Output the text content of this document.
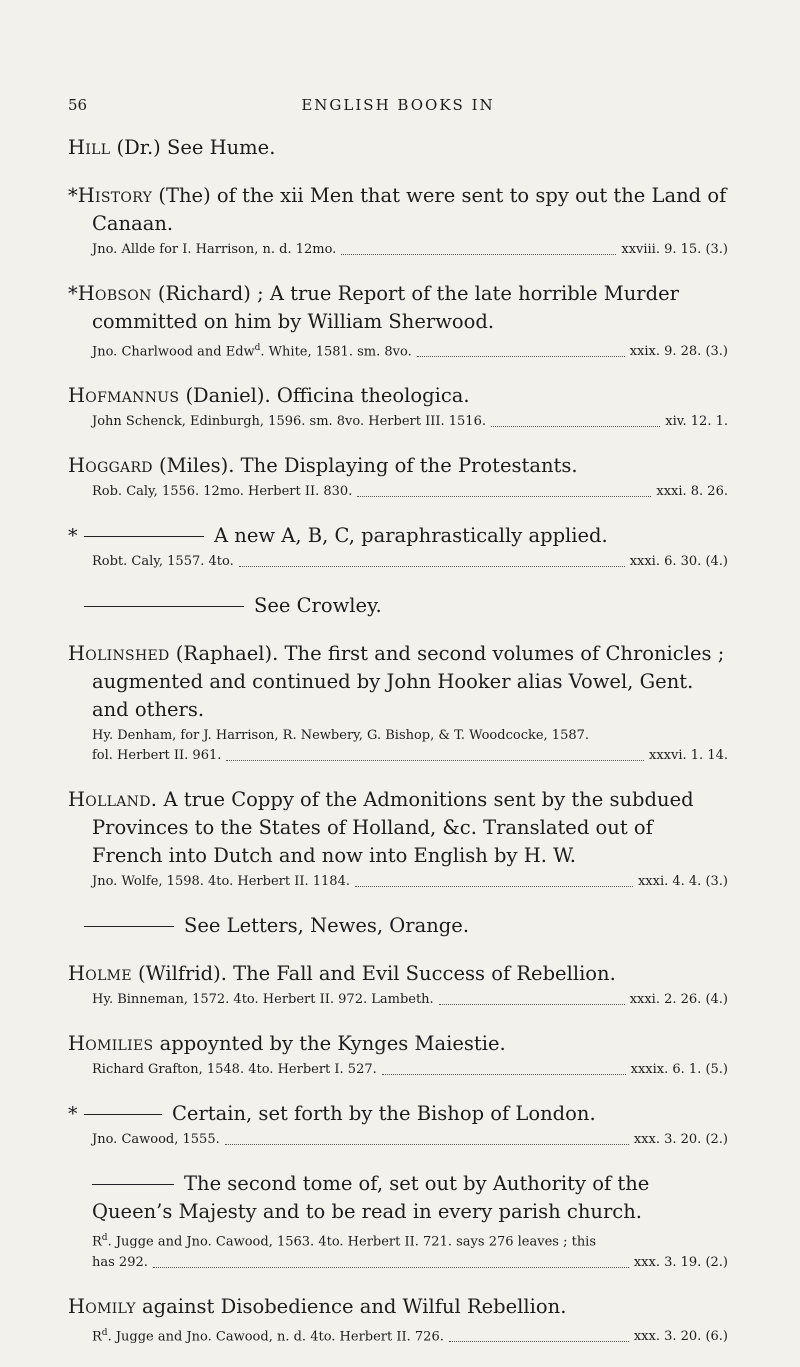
56	ENGLISH BOOKS IN

Hill (Dr.) See Hume.

*History (The) of the xii Men that were sent to spy out the Land of Canaan.

Jno. Allde for I. Harrison, n. d. 12mo.	xxviii. 9. 15. (3.)

*Hobson (Richard) ; A true Report of the late horrible Murder committed on him by William Sherwood.

Jno. Charlwood and Edw$^d$. White, 1581. sm. 8vo.	xxix. 9. 28. (3.)

Hofmannus (Daniel). Officina theologica.

John Schenck, Edinburgh, 1596. sm. 8vo. Herbert III. 1516.	xiv. 12. 1.

Hoggard (Miles). The Displaying of the Protestants.

Rob. Caly, 1556. 12mo. Herbert II. 830.	xxxi. 8. 26.
*	A new A, B, C, paraphrastically applied.
Robt. Caly, 1557. 4to.	xxxi. 6. 30. (4.)
See Crowley.

Holinshed (Raphael). The first and second volumes of Chronicles ; augmented and continued by John Hooker alias Vowel, Gent. and others.

Hy. Denham, for J. Harrison, R. Newbery, G. Bishop, & T. Woodcocke, 1587.
fol. Herbert II. 961.	xxxvi. 1. 14.

Holland. A true Coppy of the Admonitions sent by the subdued Provinces to the States of Holland, &c. Translated out of French into Dutch and now into English by H. W.

Jno. Wolfe, 1598. 4to. Herbert II. 1184.	xxxi. 4. 4. (3.)
See Letters, Newes, Orange.

Holme (Wilfrid). The Fall and Evil Success of Rebellion.

Hy. Binneman, 1572. 4to. Herbert II. 972. Lambeth.	xxxi. 2. 26. (4.)

Homilies appoynted by the Kynges Maiestie.

Richard Grafton, 1548. 4to. Herbert I. 527.	xxxix. 6. 1. (5.)
*	Certain, set forth by the Bishop of London.
Jno. Cawood, 1555.	xxx. 3. 20. (2.)

The second tome of, set out by Authority of the Queen’s Majesty and to be read in every parish church.

$R^d$. Jugge and Jno. Cawood, 1563. 4to. Herbert II. 721. says 276 leaves ; this
has 292.	xxx. 3. 19. (2.)

Homily against Disobedience and Wilful Rebellion.

$R^d$. Jugge and Jno. Cawood, n. d. 4to. Herbert II. 726.	xxx. 3. 20. (6.)
